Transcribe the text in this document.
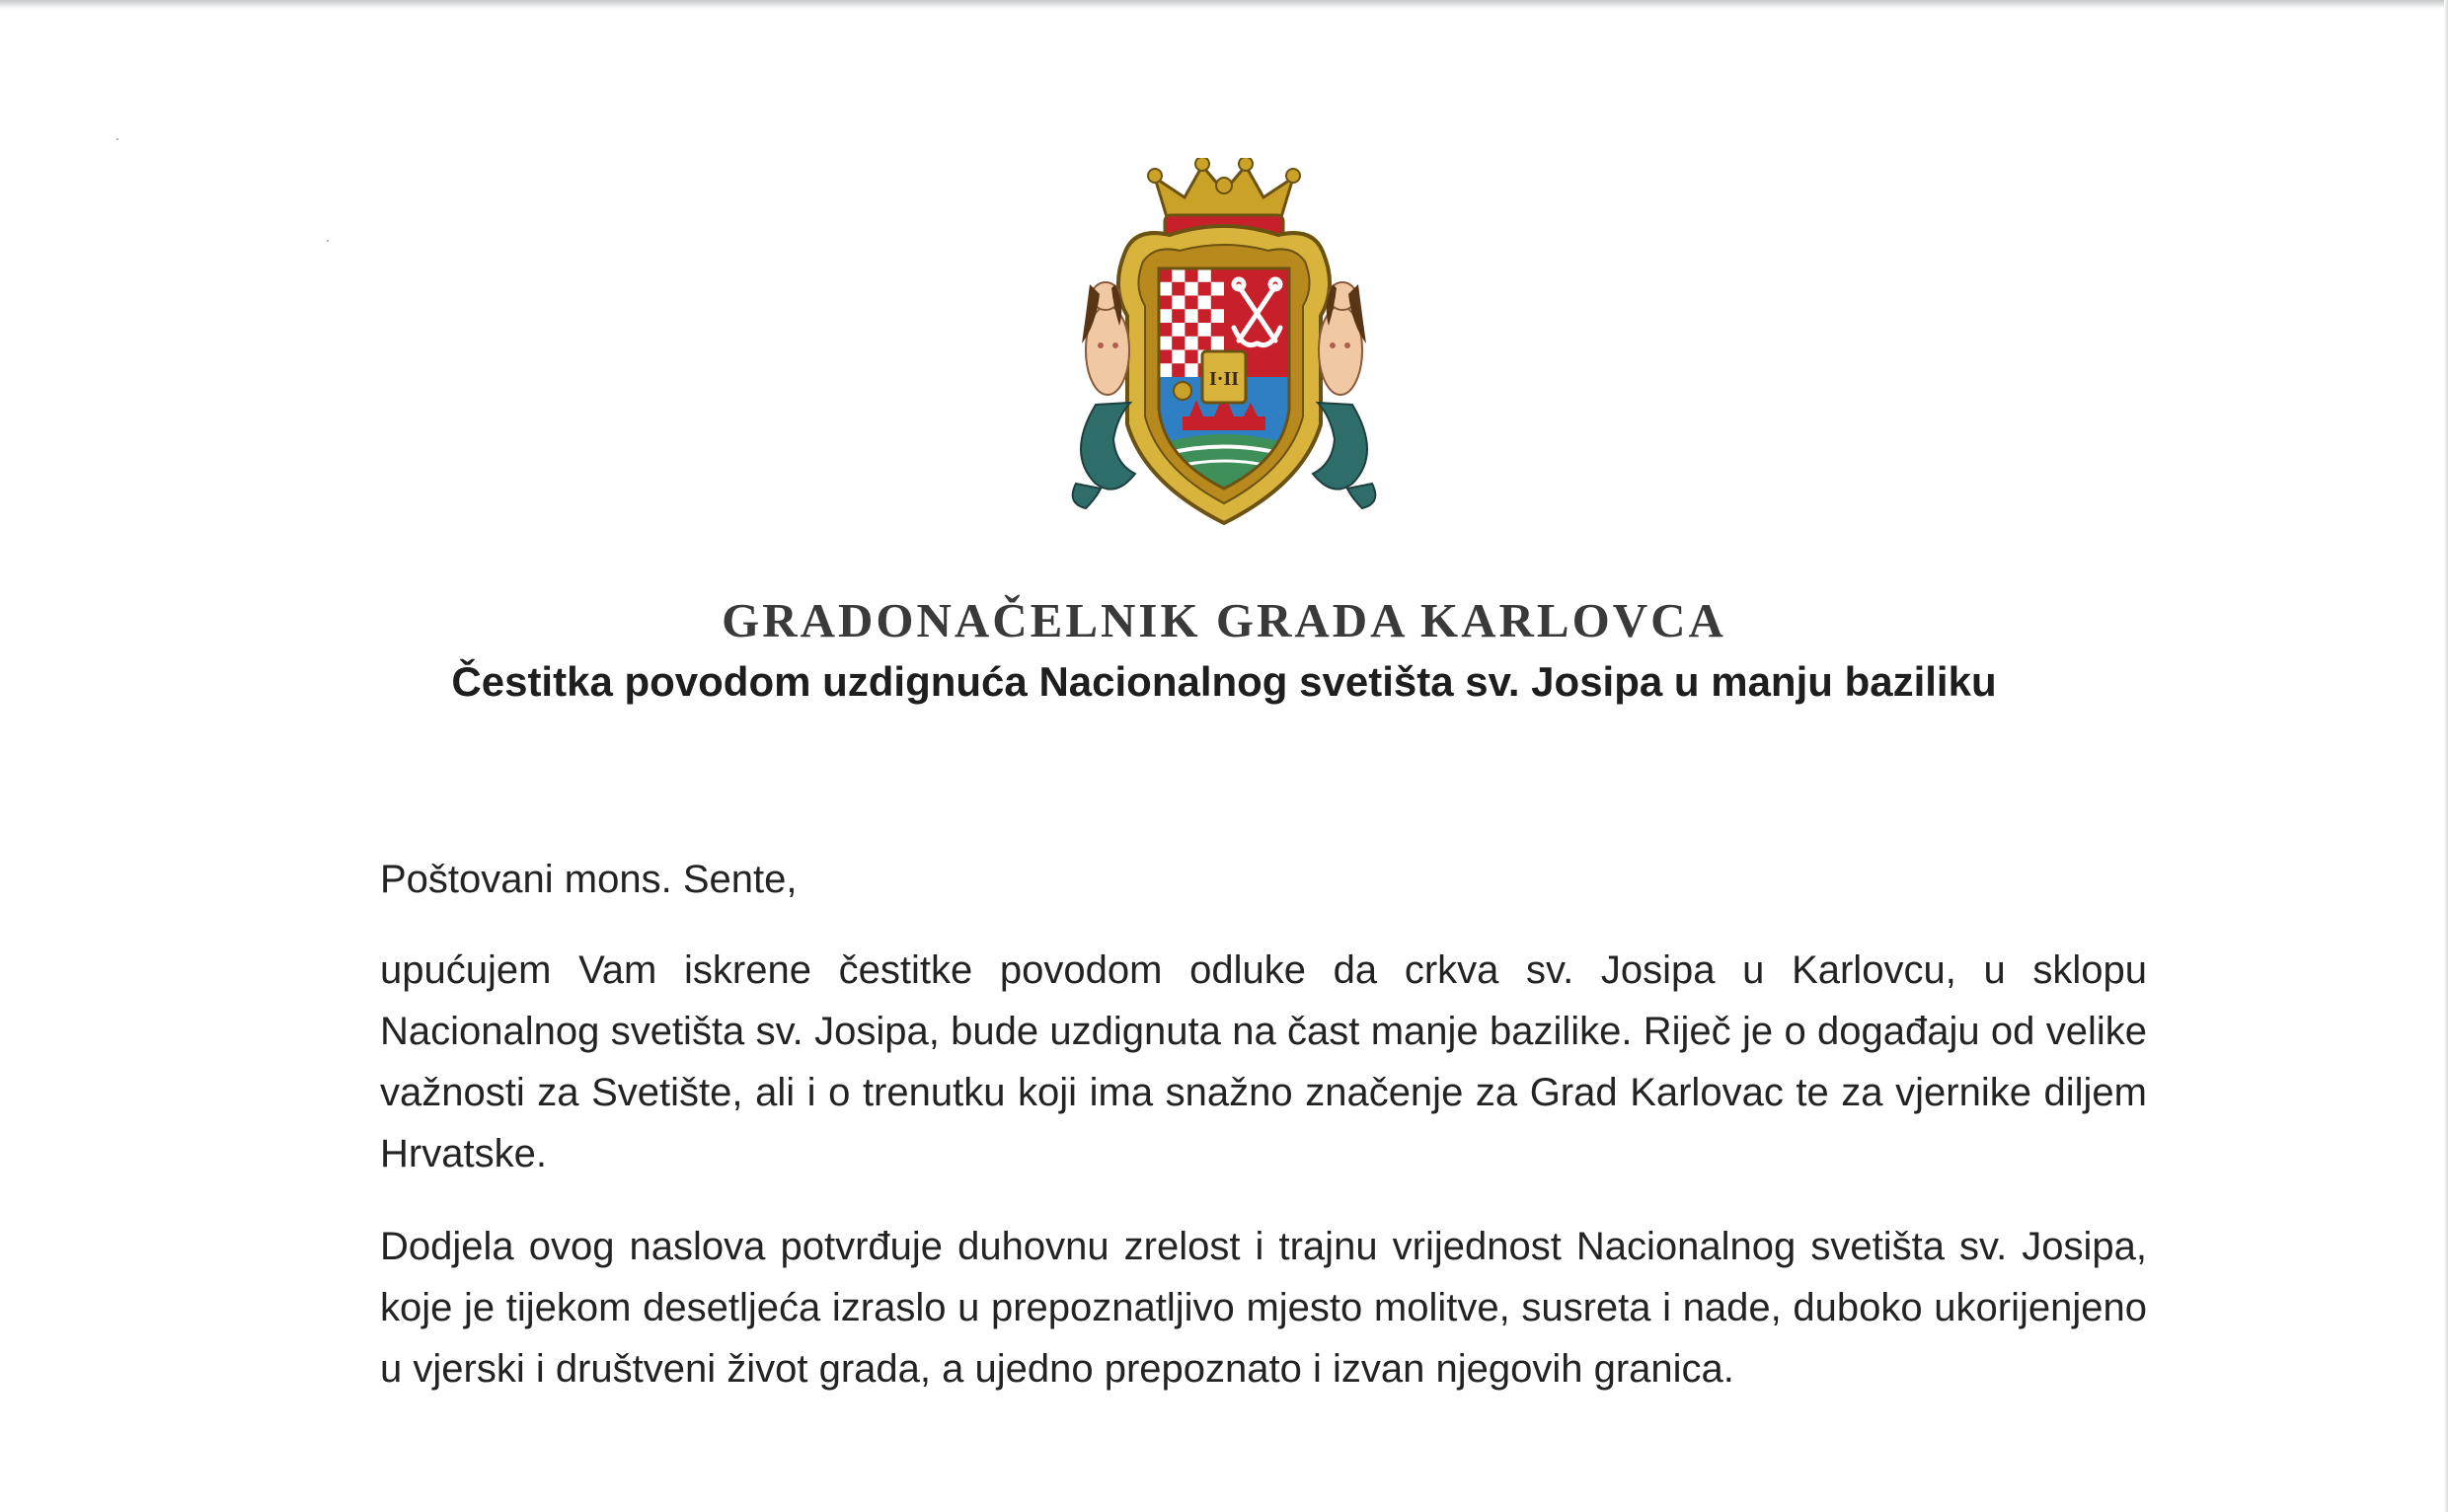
I·II
GRADONAČELNIK GRADA KARLOVCA
Čestitka povodom uzdignuća Nacionalnog svetišta sv. Josipa u manju baziliku

Poštovani mons. Sente,

upućujem Vam iskrene čestitke povodom odluke da crkva sv. Josipa u Karlovcu, u sklopu Nacionalnog svetišta sv. Josipa, bude uzdignuta na čast manje bazilike. Riječ je o događaju od velike važnosti za Svetište, ali i o trenutku koji ima snažno značenje za Grad Karlovac te za vjernike diljem Hrvatske.

Dodjela ovog naslova potvrđuje duhovnu zrelost i trajnu vrijednost Nacionalnog svetišta sv. Josipa, koje je tijekom desetljeća izraslo u prepoznatljivo mjesto molitve, susreta i nade, duboko ukorijenjeno u vjerski i društveni život grada, a ujedno prepoznato i izvan njegovih granica.
